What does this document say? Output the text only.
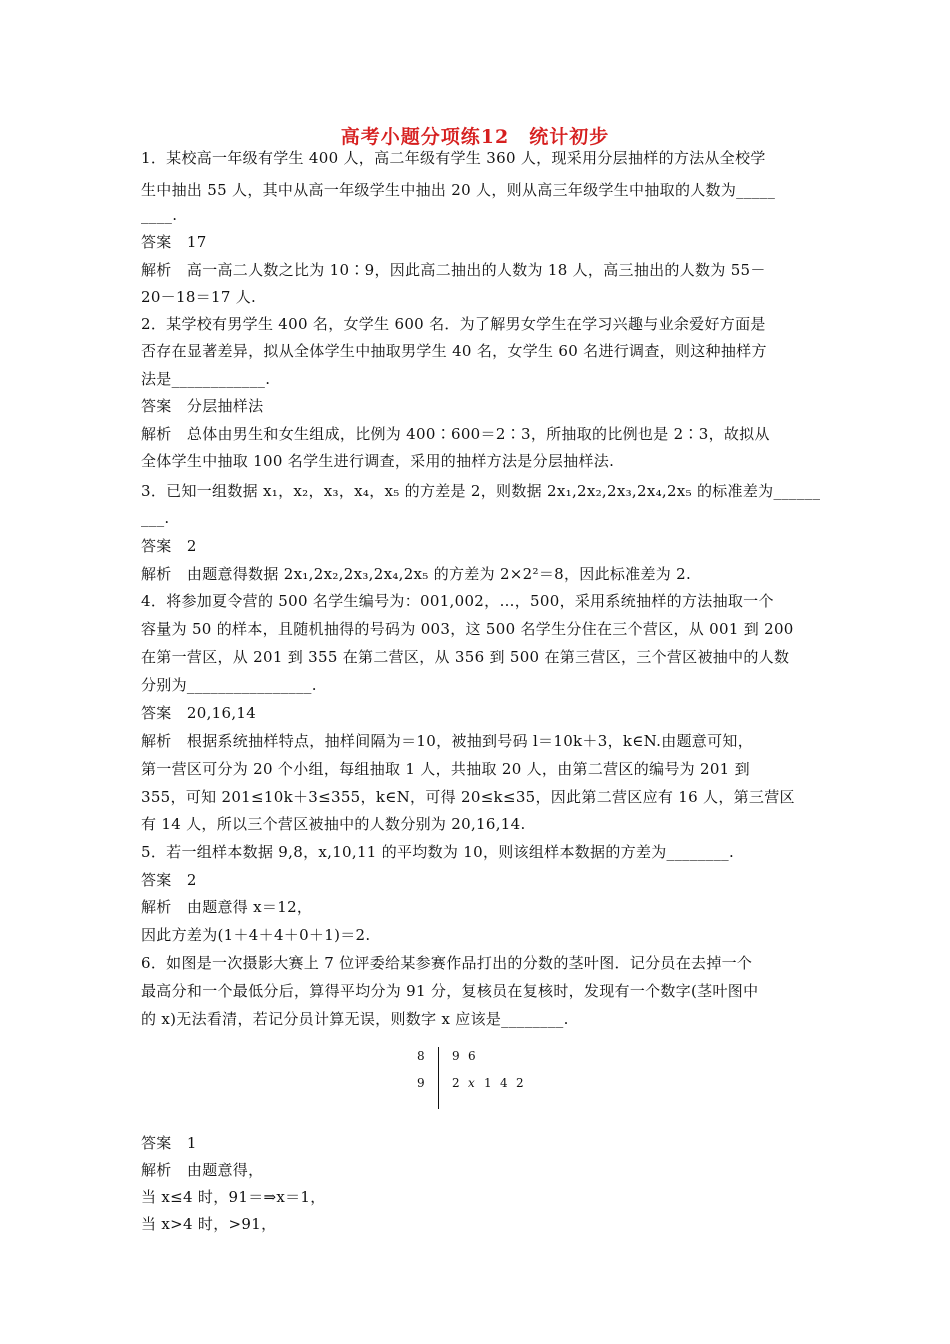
高考小题分项练12　统计初步
1．某校高一年级有学生 400 人，高二年级有学生 360 人，现采用分层抽样的方法从全校学
生中抽出 55 人，其中从高一年级学生中抽出 20 人，则从高三年级学生中抽取的人数为_____
____.
答案　17
解析　高一高二人数之比为 10∶9，因此高二抽出的人数为 18 人，高三抽出的人数为 55－
20－18＝17 人.
2．某学校有男学生 400 名，女学生 600 名．为了解男女学生在学习兴趣与业余爱好方面是
否存在显著差异，拟从全体学生中抽取男学生 40 名，女学生 60 名进行调查，则这种抽样方
法是____________.
答案　分层抽样法
解析　总体由男生和女生组成，比例为 400∶600＝2∶3，所抽取的比例也是 2∶3，故拟从
全体学生中抽取 100 名学生进行调查，采用的抽样方法是分层抽样法.
3．已知一组数据 x₁，x₂，x₃，x₄，x₅ 的方差是 2，则数据 2x₁,2x₂,2x₃,2x₄,2x₅ 的标准差为______
___.
答案　2
解析　由题意得数据 2x₁,2x₂,2x₃,2x₄,2x₅ 的方差为 2×2²＝8，因此标准差为 2.
4．将参加夏令营的 500 名学生编号为：001,002，…，500，采用系统抽样的方法抽取一个
容量为 50 的样本，且随机抽得的号码为 003，这 500 名学生分住在三个营区，从 001 到 200
在第一营区，从 201 到 355 在第二营区，从 356 到 500 在第三营区，三个营区被抽中的人数
分别为________________.
答案　20,16,14
解析　根据系统抽样特点，抽样间隔为＝10，被抽到号码 l＝10k＋3，k∈N.由题意可知，
第一营区可分为 20 个小组，每组抽取 1 人，共抽取 20 人，由第二营区的编号为 201 到
355，可知 201≤10k＋3≤355，k∈N，可得 20≤k≤35，因此第二营区应有 16 人，第三营区
有 14 人，所以三个营区被抽中的人数分别为 20,16,14.
5．若一组样本数据 9,8，x,10,11 的平均数为 10，则该组样本数据的方差为________.
答案　2
解析　由题意得 x＝12，
因此方差为(1＋4＋4＋0＋1)＝2.
6．如图是一次摄影大赛上 7 位评委给某参赛作品打出的分数的茎叶图．记分员在去掉一个
最高分和一个最低分后，算得平均分为 91 分，复核员在复核时，发现有一个数字(茎叶图中
的 x)无法看清，若记分员计算无误，则数字 x 应该是________.
8 9 6
9 2 x 1 4 2
答案　1
解析　由题意得，
当 x≤4 时，91＝⇒x＝1，
当 x>4 时，>91，
